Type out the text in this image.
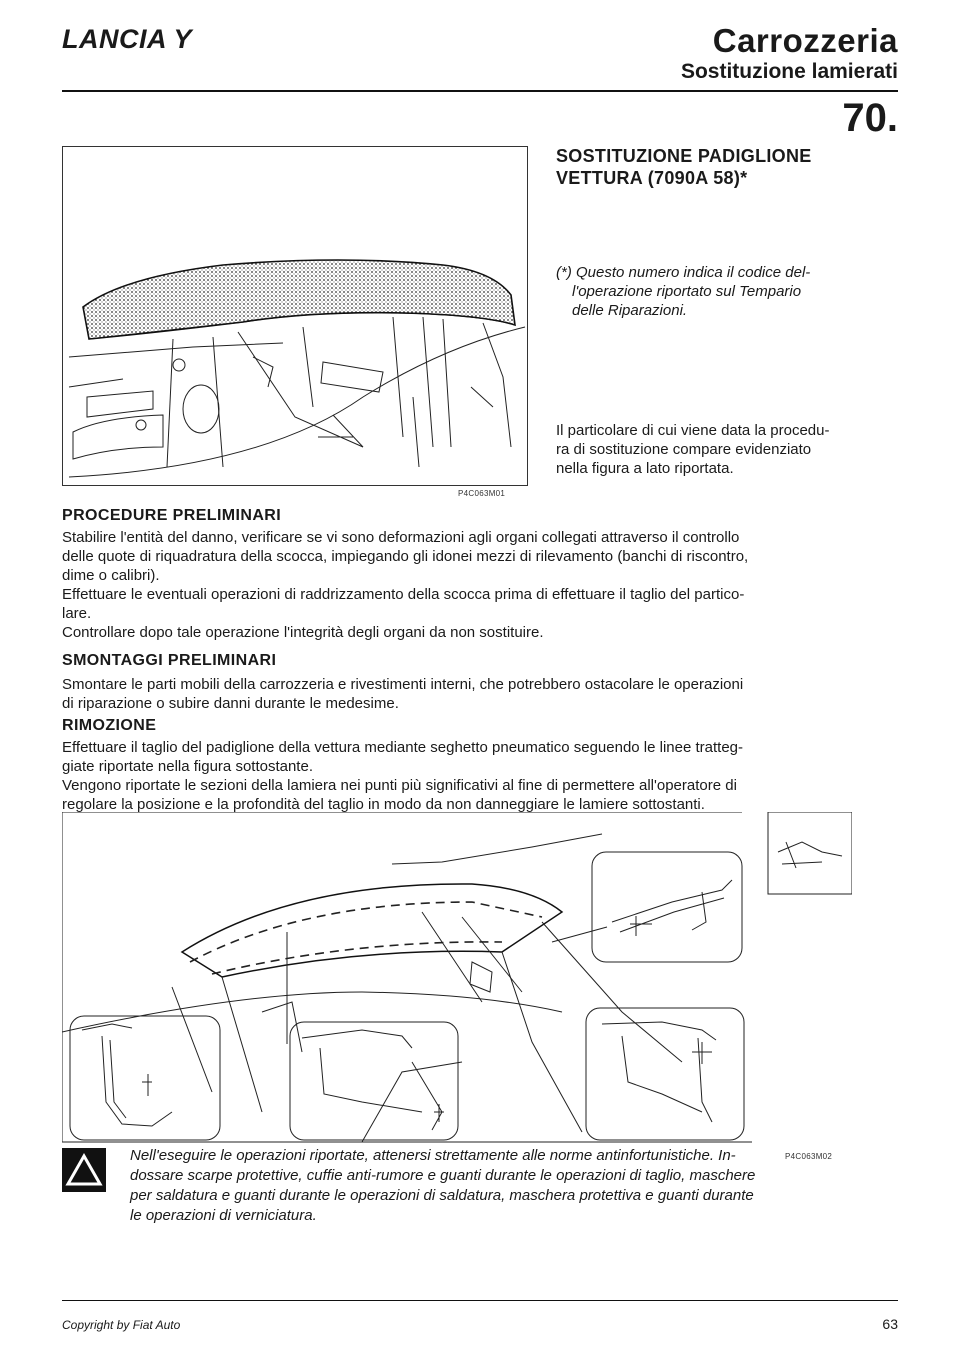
LANCIA Y	Carrozzeria
Sostituzione lamierati
70.
P4C063M01
SOSTITUZIONE PADIGLIONE
VETTURA (7090A 58)*
(*) Questo numero indica il codice del-
l'operazione riportato sul Tempario
delle Riparazioni.
Il particolare di cui viene data la procedu-
ra di sostituzione compare evidenziato
nella figura a lato riportata.
PROCEDURE PRELIMINARI

Stabilire l'entità del danno, verificare se vi sono deformazioni agli organi collegati attraverso il controllo

delle quote di riquadratura della scocca, impiegando gli idonei mezzi di rilevamento (banchi di riscontro,

dime o calibri).

Effettuare le eventuali operazioni di raddrizzamento della scocca prima di effettuare il taglio del partico-

lare.

Controllare dopo tale operazione l'integrità degli organi da non sostituire.

SMONTAGGI PRELIMINARI

Smontare le parti mobili della carrozzeria e rivestimenti interni, che potrebbero ostacolare le operazioni

di riparazione o subire danni durante le medesime.

RIMOZIONE

Effettuare il taglio del padiglione della vettura mediante seghetto pneumatico seguendo le linee tratteg-

giate riportate nella figura sottostante.

Vengono riportate le sezioni della lamiera nei punti più significativi al fine di permettere all'operatore di

regolare la posizione e la profondità del taglio in modo da non danneggiare le lamiere sottostanti.

P4C063M02
Nell'eseguire le operazioni riportate, attenersi strettamente alle norme antinfortunistiche. In-
dossare scarpe protettive, cuffie anti-rumore e guanti durante le operazioni di taglio, maschere
per saldatura e guanti durante le operazioni di saldatura, maschera protettiva e guanti durante
le operazioni di verniciatura.
Copyright by Fiat Auto	63
